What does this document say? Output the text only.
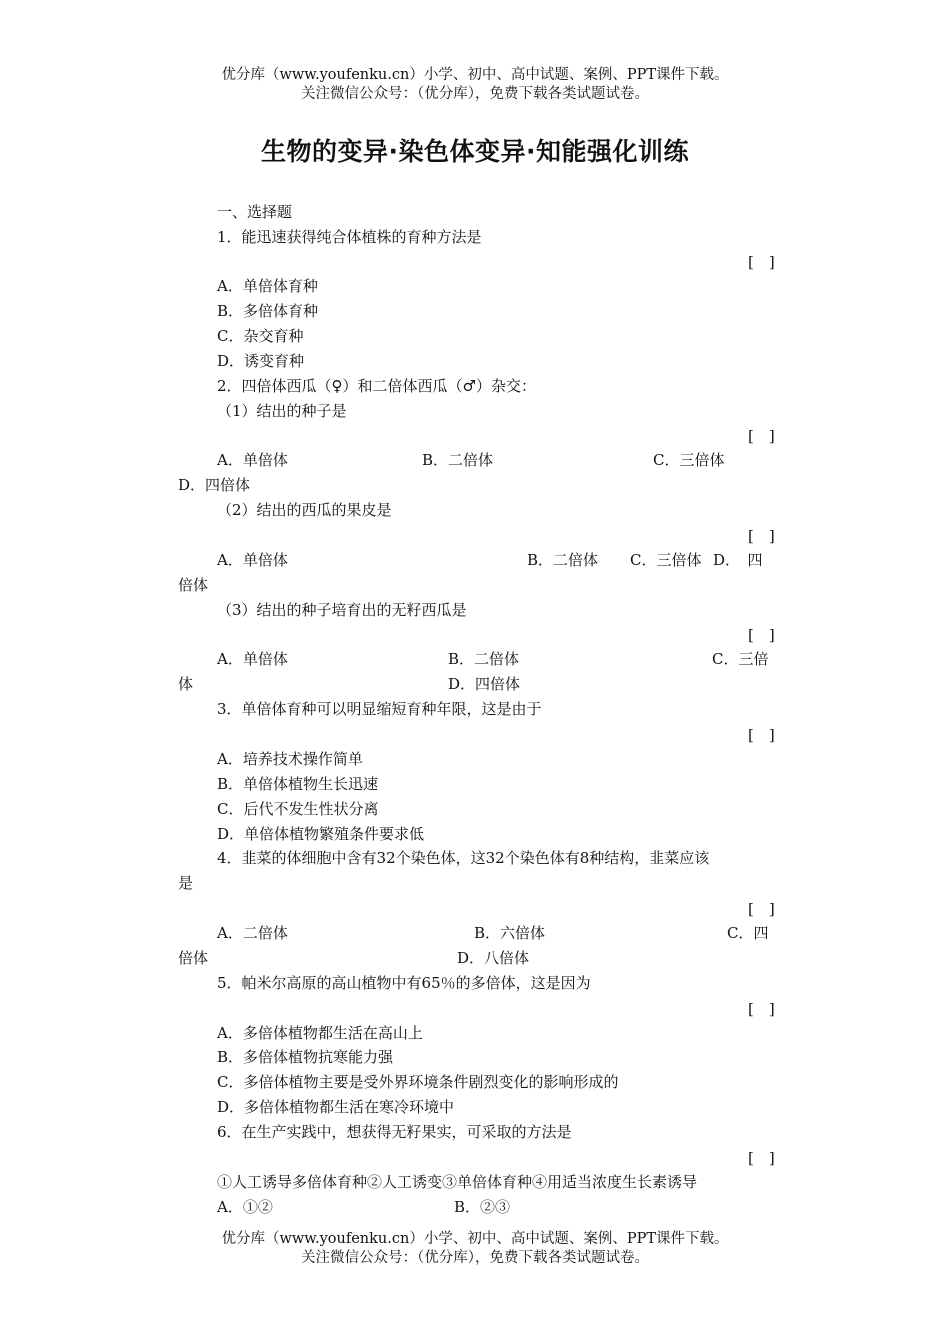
优分库（www.youfenku.cn）小学、初中、高中试题、案例、PPT课件下载。
关注微信公众号：（优分库），免费下载各类试题试卷。
生物的变异·染色体变异·知能强化训练
一、选择题
1．能迅速获得纯合体植株的育种方法是
[　]
A．单倍体育种
B．多倍体育种
C．杂交育种
D．诱变育种
2．四倍体西瓜（♀）和二倍体西瓜（♂）杂交：
（1）结出的种子是
[　]
A．单倍体	B．二倍体	C．三倍体
D．四倍体
（2）结出的西瓜的果皮是
[　]
A．单倍体	B．二倍体 C．三倍体 D．　四
倍体
（3）结出的种子培育出的无籽西瓜是
[　]
A．单倍体	B．二倍体	C．三倍
体	D．四倍体
3．单倍体育种可以明显缩短育种年限，这是由于
[　]
A．培养技术操作简单
B．单倍体植物生长迅速
C．后代不发生性状分离
D．单倍体植物繁殖条件要求低
4．韭菜的体细胞中含有32个染色体，这32个染色体有8种结构，韭菜应该
是
[　]
A．二倍体	B．六倍体	C．四
倍体	D．八倍体
5．帕米尔高原的高山植物中有65％的多倍体，这是因为
[　]
A．多倍体植物都生活在高山上
B．多倍体植物抗寒能力强
C．多倍体植物主要是受外界环境条件剧烈变化的影响形成的
D．多倍体植物都生活在寒冷环境中
6．在生产实践中，想获得无籽果实，可采取的方法是
[　]
①人工诱导多倍体育种②人工诱变③单倍体育种④用适当浓度生长素诱导
A．①②	B．②③
优分库（www.youfenku.cn）小学、初中、高中试题、案例、PPT课件下载。
关注微信公众号：（优分库），免费下载各类试题试卷。
